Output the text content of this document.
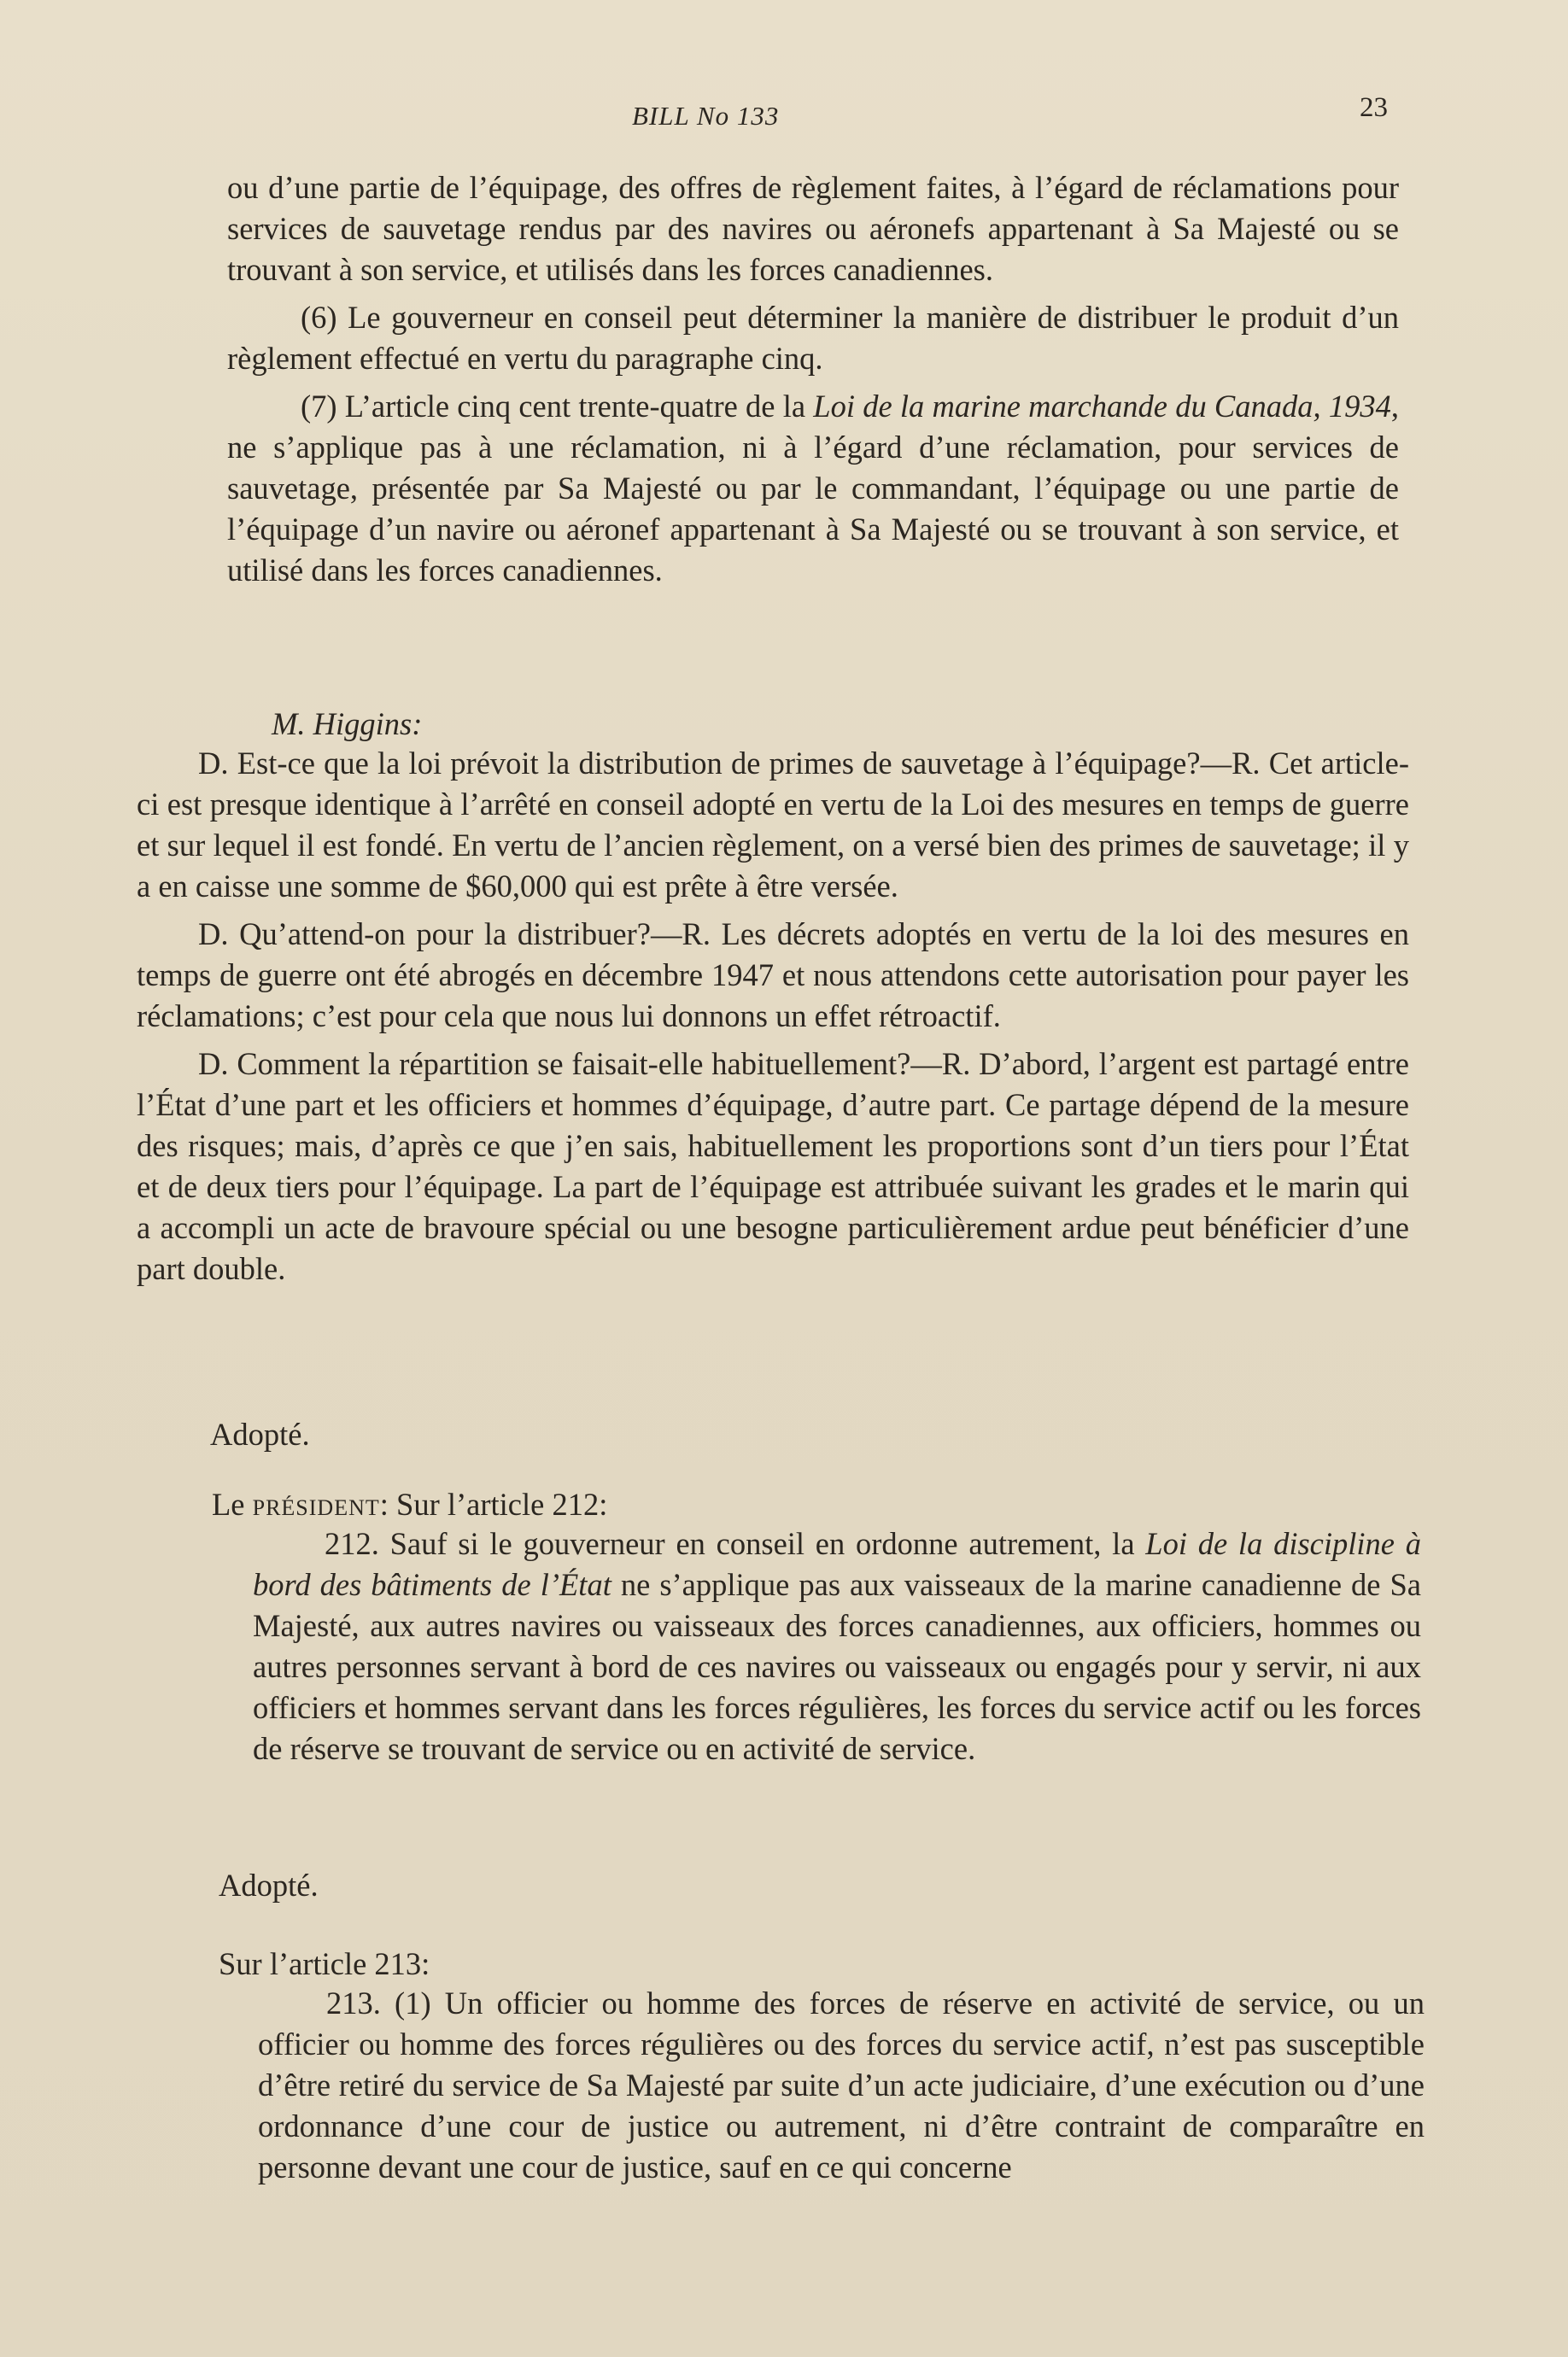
BILL No 133	23

ou d’une partie de l’équipage, des offres de règlement faites, à l’égard de réclamations pour services de sauvetage rendus par des navires ou aéronefs appartenant à Sa Majesté ou se trouvant à son service, et utilisés dans les forces canadiennes.

(6) Le gouverneur en conseil peut déterminer la manière de distribuer le produit d’un règlement effectué en vertu du paragraphe cinq.

(7) L’article cinq cent trente-quatre de la Loi de la marine marchande du Canada, 1934, ne s’applique pas à une réclamation, ni à l’égard d’une réclamation, pour services de sauvetage, présentée par Sa Majesté ou par le commandant, l’équipage ou une partie de l’équipage d’un navire ou aéronef appartenant à Sa Majesté ou se trouvant à son service, et utilisé dans les forces canadiennes.

M. Higgins:

D. Est-ce que la loi prévoit la distribution de primes de sauvetage à l’équipage?—R. Cet article-ci est presque identique à l’arrêté en conseil adopté en vertu de la Loi des mesures en temps de guerre et sur lequel il est fondé. En vertu de l’ancien règlement, on a versé bien des primes de sauvetage; il y a en caisse une somme de $60,000 qui est prête à être versée.

D. Qu’attend-on pour la distribuer?—R. Les décrets adoptés en vertu de la loi des mesures en temps de guerre ont été abrogés en décembre 1947 et nous attendons cette autorisation pour payer les réclamations; c’est pour cela que nous lui donnons un effet rétroactif.

D. Comment la répartition se faisait-elle habituellement?—R. D’abord, l’argent est partagé entre l’État d’une part et les officiers et hommes d’équipage, d’autre part. Ce partage dépend de la mesure des risques; mais, d’après ce que j’en sais, habituellement les proportions sont d’un tiers pour l’État et de deux tiers pour l’équipage. La part de l’équipage est attribuée suivant les grades et le marin qui a accompli un acte de bravoure spécial ou une besogne particulièrement ardue peut bénéficier d’une part double.

Adopté.
Le président: Sur l’article 212:

212. Sauf si le gouverneur en conseil en ordonne autrement, la Loi de la discipline à bord des bâtiments de l’État ne s’applique pas aux vaisseaux de la marine canadienne de Sa Majesté, aux autres navires ou vaisseaux des forces canadiennes, aux officiers, hommes ou autres personnes servant à bord de ces navires ou vaisseaux ou engagés pour y servir, ni aux officiers et hommes servant dans les forces régulières, les forces du service actif ou les forces de réserve se trouvant de service ou en activité de service.

Adopté.
Sur l’article 213:

213. (1) Un officier ou homme des forces de réserve en activité de service, ou un officier ou homme des forces régulières ou des forces du service actif, n’est pas susceptible d’être retiré du service de Sa Majesté par suite d’un acte judiciaire, d’une exécution ou d’une ordonnance d’une cour de justice ou autrement, ni d’être contraint de comparaître en personne devant une cour de justice, sauf en ce qui concerne
